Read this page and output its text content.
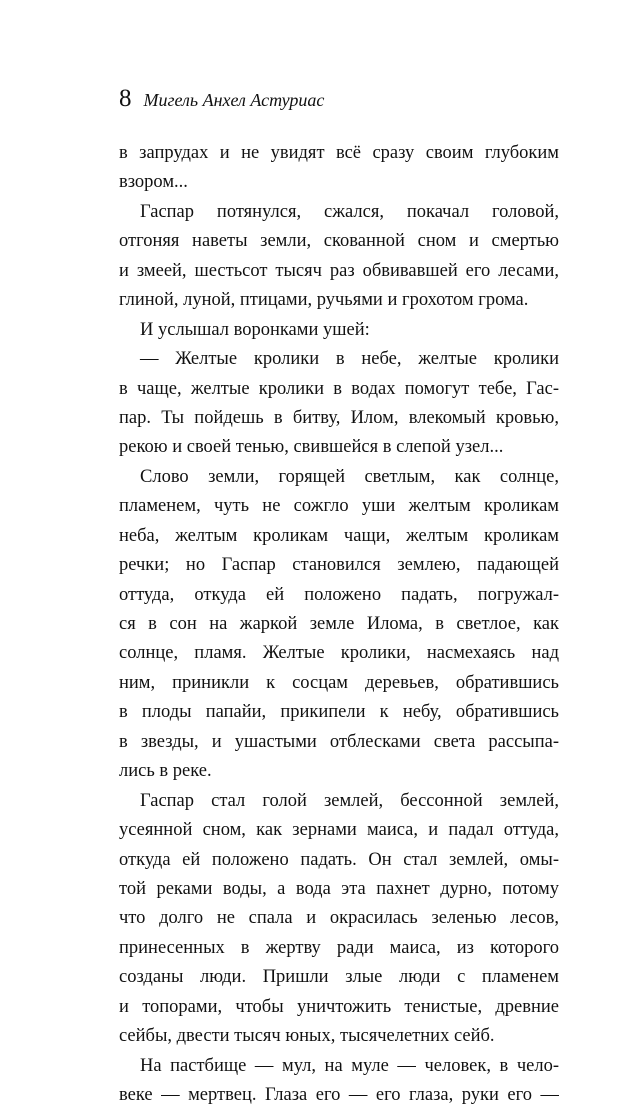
8 Мигель Анхел Астуриас
в запрудах и не увидят всё сразу своим глубоким
взором...
Гаспар потянулся, сжался, покачал головой,
отгоняя наветы земли, скованной сном и смертью
и змеей, шестьсот тысяч раз обвивавшей его лесами,
глиной, луной, птицами, ручьями и грохотом грома.
И услышал воронками ушей:
— Желтые кролики в небе, желтые кролики
в чаще, желтые кролики в водах помогут тебе, Гас-
пар. Ты пойдешь в битву, Илом, влекомый кровью,
рекою и своей тенью, свившейся в слепой узел...
Слово земли, горящей светлым, как солнце,
пламенем, чуть не сожгло уши желтым кроликам
неба, желтым кроликам чащи, желтым кроликам
речки; но Гаспар становился землею, падающей
оттуда, откуда ей положено падать, погружал-
ся в сон на жаркой земле Илома, в светлое, как
солнце, пламя. Желтые кролики, насмехаясь над
ним, приникли к сосцам деревьев, обратившись
в плоды папайи, прикипели к небу, обратившись
в звезды, и ушастыми отблесками света рассыпа-
лись в реке.
Гаспар стал голой землей, бессонной землей,
усеянной сном, как зернами маиса, и падал оттуда,
откуда ей положено падать. Он стал землей, омы-
той реками воды, а вода эта пахнет дурно, потому
что долго не спала и окрасилась зеленью лесов,
принесенных в жертву ради маиса, из которого
созданы люди. Пришли злые люди с пламенем
и топорами, чтобы уничтожить тенистые, древние
сейбы, двести тысяч юных, тысячелетних сейб.
На пастбище — мул, на муле — человек, в чело-
веке — мертвец. Глаза его — его глаза, руки его —
